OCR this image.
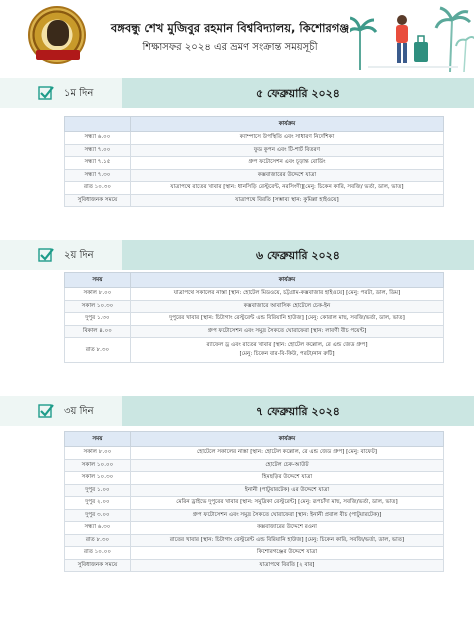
বঙ্গবন্ধু শেখ মুজিবুর রহমান বিশ্ববিদ্যালয়, কিশোরগঞ্জ
শিক্ষাসফর ২০২৪ এর ভ্রমণ সংক্রান্ত সময়সূচী
১ম দিন	৫ ফেব্রুয়ারি ২০২৪
	কার্যক্রম
সন্ধ্যা ৬.০০	ক্যাম্পাসে উপস্থিতি এবং সাধারণ নির্দেশিকা
সন্ধ্যা ৭.০০	ফুড কুপন এবং টি-শার্ট বিতরণ
সন্ধ্যা ৭.১৫	গ্রুপ ফটোসেশন এবং চূড়ান্ত বোর্ডিং
সন্ধ্যা ৭.৩০	কক্সবাজারের উদ্দেশে যাত্রা
রাত ১০.৩০	যাত্রাপথে রাতের খাবার [স্থান: ধানসিড়ি রেস্টুরেন্ট, নরসিংদী][মেনু: চিকেন কারি, সবজি/ ভর্তা, ডাল, ভাত]
সুবিধাজনক সময়ে	যাত্রাপথে বিরতি [সম্ভাব্য স্থান: কুমিল্লা হাইওয়ে]
২য় দিন	৬ ফেব্রুয়ারি ২০২৪
সময়	কার্যক্রম
সকাল ৮.০০	যাত্রাপথে সকালের নাস্তা [স্থান: হোটেল মিডওয়ে, চট্টগ্রাম-কক্সবাজার হাইওয়ে] [মেনু: পরটা, ডাল, ডিম]
সকাল ১০.৩০	কক্সবাজারে আবাসিক হোটেলে চেক-ইন
দুপুর ১.৩০	দুপুরের খাবার [স্থান: চিটাগাং রেস্টুরেন্ট এন্ড বিরিয়ানি হাউজ] [মেনু: কোরাল মাছ, সবজি/ভর্তা, ডাল, ভাত]
বিকাল ৪.০০	গ্রুপ ফটোসেশন এবং সমুদ্র সৈকতে ঘোরাফেরা [স্থান: লাবণী বীচ পয়েন্ট]
রাত ৮.৩০	র‍্যাফেল ড্র এবং রাতের খাবার [স্থান: হোটেল কল্লোল, রে এন্ড জেড গ্রুপ]
[মেনু: চিকেন বার-বি-কিউ, পরটা/নান রুটি]
৩য় দিন	৭ ফেব্রুয়ারি ২০২৪
সময়	কার্যক্রম
সকাল ৮.০০	হোটেলে সকালের নাস্তা [স্থান: হোটেল কল্লোল, রে এন্ড জেড গ্রুপ] [মেনু: বাফেট]
সকাল ১০.০০	হোটেল চেক-আউট
সকাল ১০.৩০	হিমছড়ির উদ্দেশে যাত্রা
দুপুর ১.০০	ইনানী (পাটুয়ারটেক) এর উদ্দেশে যাত্রা
দুপুর ২.০০	মেরিন ড্রাইভে দুপুরের খাবার [স্থান: সমুদ্রিকা রেস্টুরেন্ট] [মেনু: রূপচাঁদা মাছ, সবজি/ভর্তা, ডাল, ভাত]
দুপুর ৩.০০	গ্রুপ ফটোসেশন এবং সমুদ্র সৈকতে ঘোরাফেরা [স্থান: ইনানী প্রবাল বীচ (পাটুয়ারটেক)]
সন্ধ্যা ৬.৩০	কক্সবাজারের উদ্দেশে রওনা
রাত ৮.৩০	রাতের খাবার [স্থান: চিটাগাং রেস্টুরেন্ট এন্ড বিরিয়ানি হাউজ] [মেনু: চিকেন কারি, সবজি/ভর্তা, ডাল, ভাত]
রাত ১০.০০	কিশোরগঞ্জের উদ্দেশে যাত্রা
সুবিধাজনক সময়ে	যাত্রাপথে বিরতি [২ বার]
